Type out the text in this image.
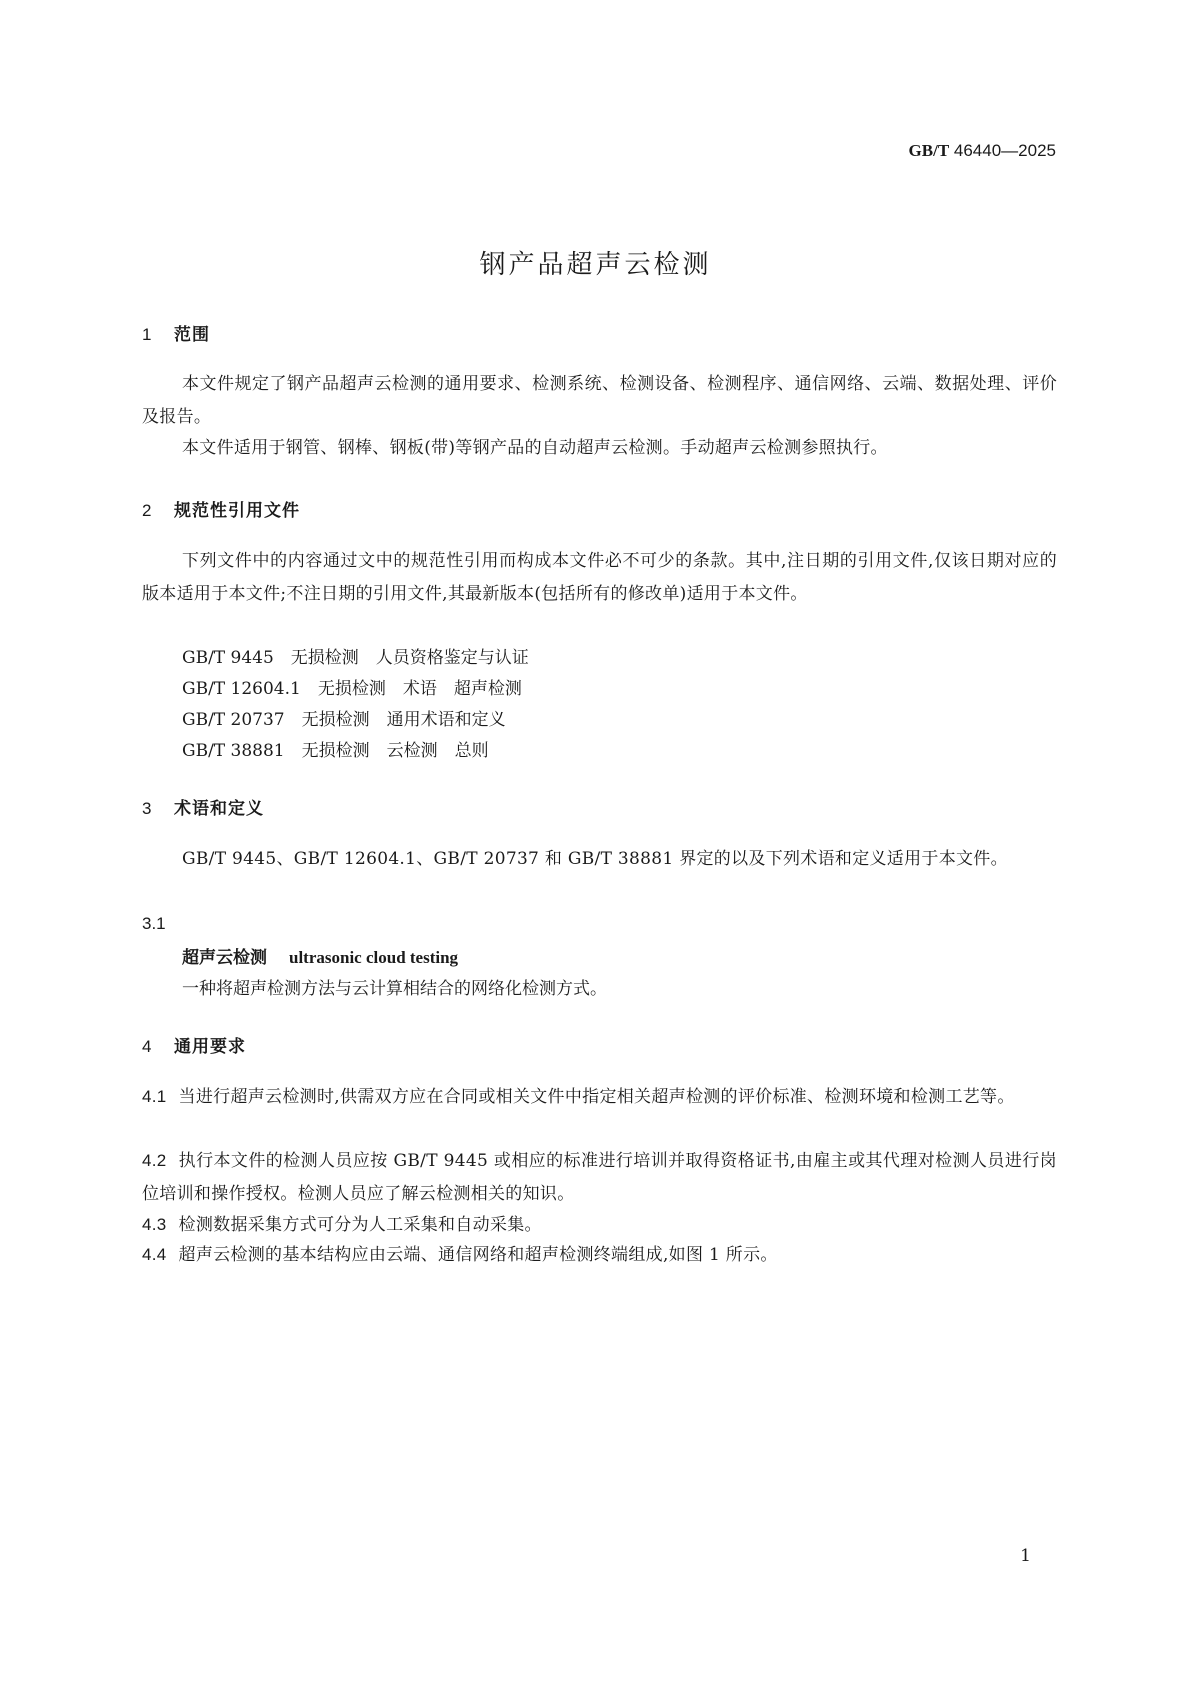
GB/T 46440—2025
钢产品超声云检测
1 范围
本文件规定了钢产品超声云检测的通用要求、检测系统、检测设备、检测程序、通信网络、云端、数据处理、评价及报告。
本文件适用于钢管、钢棒、钢板(带)等钢产品的自动超声云检测。手动超声云检测参照执行。
2 规范性引用文件
下列文件中的内容通过文中的规范性引用而构成本文件必不可少的条款。其中,注日期的引用文件,仅该日期对应的版本适用于本文件;不注日期的引用文件,其最新版本(包括所有的修改单)适用于本文件。
GB/T 9445　无损检测　人员资格鉴定与认证
GB/T 12604.1　无损检测　术语　超声检测
GB/T 20737　无损检测　通用术语和定义
GB/T 38881　无损检测　云检测　总则
3 术语和定义
GB/T 9445、GB/T 12604.1、GB/T 20737 和 GB/T 38881 界定的以及下列术语和定义适用于本文件。
3.1
超声云检测 ultrasonic cloud testing
一种将超声检测方法与云计算相结合的网络化检测方式。
4 通用要求
4.1 当进行超声云检测时,供需双方应在合同或相关文件中指定相关超声检测的评价标准、检测环境和检测工艺等。
4.2 执行本文件的检测人员应按 GB/T 9445 或相应的标准进行培训并取得资格证书,由雇主或其代理对检测人员进行岗位培训和操作授权。检测人员应了解云检测相关的知识。
4.3 检测数据采集方式可分为人工采集和自动采集。
4.4 超声云检测的基本结构应由云端、通信网络和超声检测终端组成,如图 1 所示。
1
